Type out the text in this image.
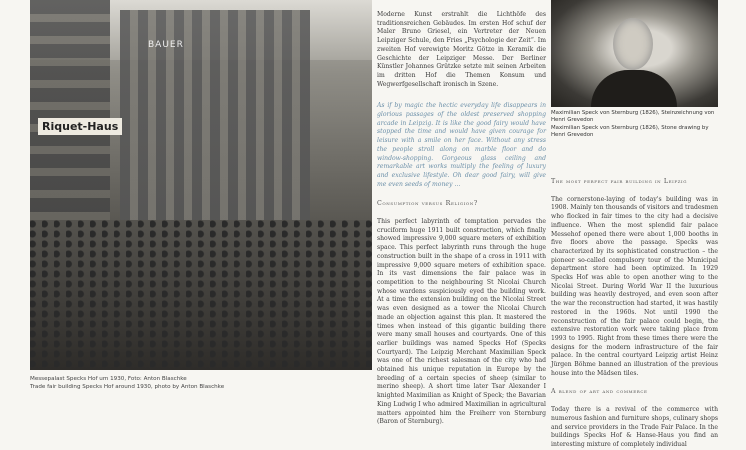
Riquet-Haus
BAUER
Messepalast Specks Hof um 1930, Foto: Anton Blaschke
Trade fair building Specks Hof around 1930, photo by Anton Blaschke

Moderne Kunst erstrahlt die Lichthöfe des traditionsreichen Gebäudes. Im ersten Hof schuf der Maler Bruno Griesel, ein Vertreter der Neuen Leipziger Schule, den Fries „Psychologie der Zeit“. Im zweiten Hof verewigte Moritz Götze in Keramik die Geschichte der Leipziger Messe. Der Berliner Künstler Johannes Grützke setzte mit seinen Arbeiten im dritten Hof die Themen Konsum und Wegwerfgesellschaft ironisch in Szene.

As if by magic the hectic everyday life disappears in glorious passages of the oldest preserved shopping arcade in Leipzig. It is like the good fairy would have stopped the time and would have given courage for leisure with a smile on her face. Without any stress the people stroll along on marble floor and do window-shopping. Gorgeous glass ceiling and remarkable art works multiply the feeling of luxury and exclusive lifestyle. Oh dear good fairy, will give me even seeds of money …

Consumption versus Religion?

This perfect labyrinth of temptation pervades the cruciform huge 1911 built construction, which finally showed impressive 9,000 square meters of exhibition space. This perfect labyrinth runs through the huge construction built in the shape of a cross in 1911 with impressive 9,000 square meters of exhibition space. In its vast dimensions the fair palace was in competition to the neighbouring St Nicolai Church whose wardens suspiciously eyed the building work. At a time the extension building on the Nicolai Street was even designed as a tower the Nicolai Church made an objection against this plan. It mastered the times when instead of this gigantic building there were many small houses and courtyards. One of this earlier buildings was named Specks Hof (Specks Courtyard). The Leipzig Merchant Maximilian Speck was one of the richest salesman of the city who had obtained his unique reputation in Europe by the breeding of a certain species of sheep (similar to merino sheep). A short time later Tsar Alexander I knighted Maximilian as Knight of Speck; the Bavarian King Ludwig I who admired Maximilian in agricultural matters appointed him the Freiherr von Sternburg (Baron of Sternburg).

Maximilian Speck von Sternburg (1826), Steinzeichnung von Henri Grevedon
Maximilian Speck von Sternburg (1826), Stone drawing by Henri Grevedon

The most perfect fair building in Leipzig

The cornerstone-laying of today's building was in 1908. Mainly ten thousands of visitors and tradesmen who flocked in fair times to the city had a decisive influence. When the most splendid fair palace Messehof opened there were about 1,000 booths in five floors above the passage. Specks was characterized by its sophisticated construction – the pioneer so-called compulsory tour of the Municipal department store had been optimized. In 1929 Specks Hof was able to open another wing to the Nicolai Street. During World War II the luxurious building was heavily destroyed, and even soon after the war the reconstruction had started, it was hastily restored in the 1960s. Not until 1990 the reconstruction of the fair palace could begin, the extensive restoration work were taking place from 1993 to 1995. Right from these times there were the designs for the modern infrastructure of the fair palace. In the central courtyard Leipzig artist Heinz Jürgen Böhme banned an illustration of the previous house into the Mädsen tiles.

A blend of art and commerce

Today there is a revival of the commerce with numerous fashion and furniture shops, culinary shops and service providers in the Trade Fair Palace. In the buildings Specks Hof & Hanse-Haus you find an interesting mixture of completely individual
